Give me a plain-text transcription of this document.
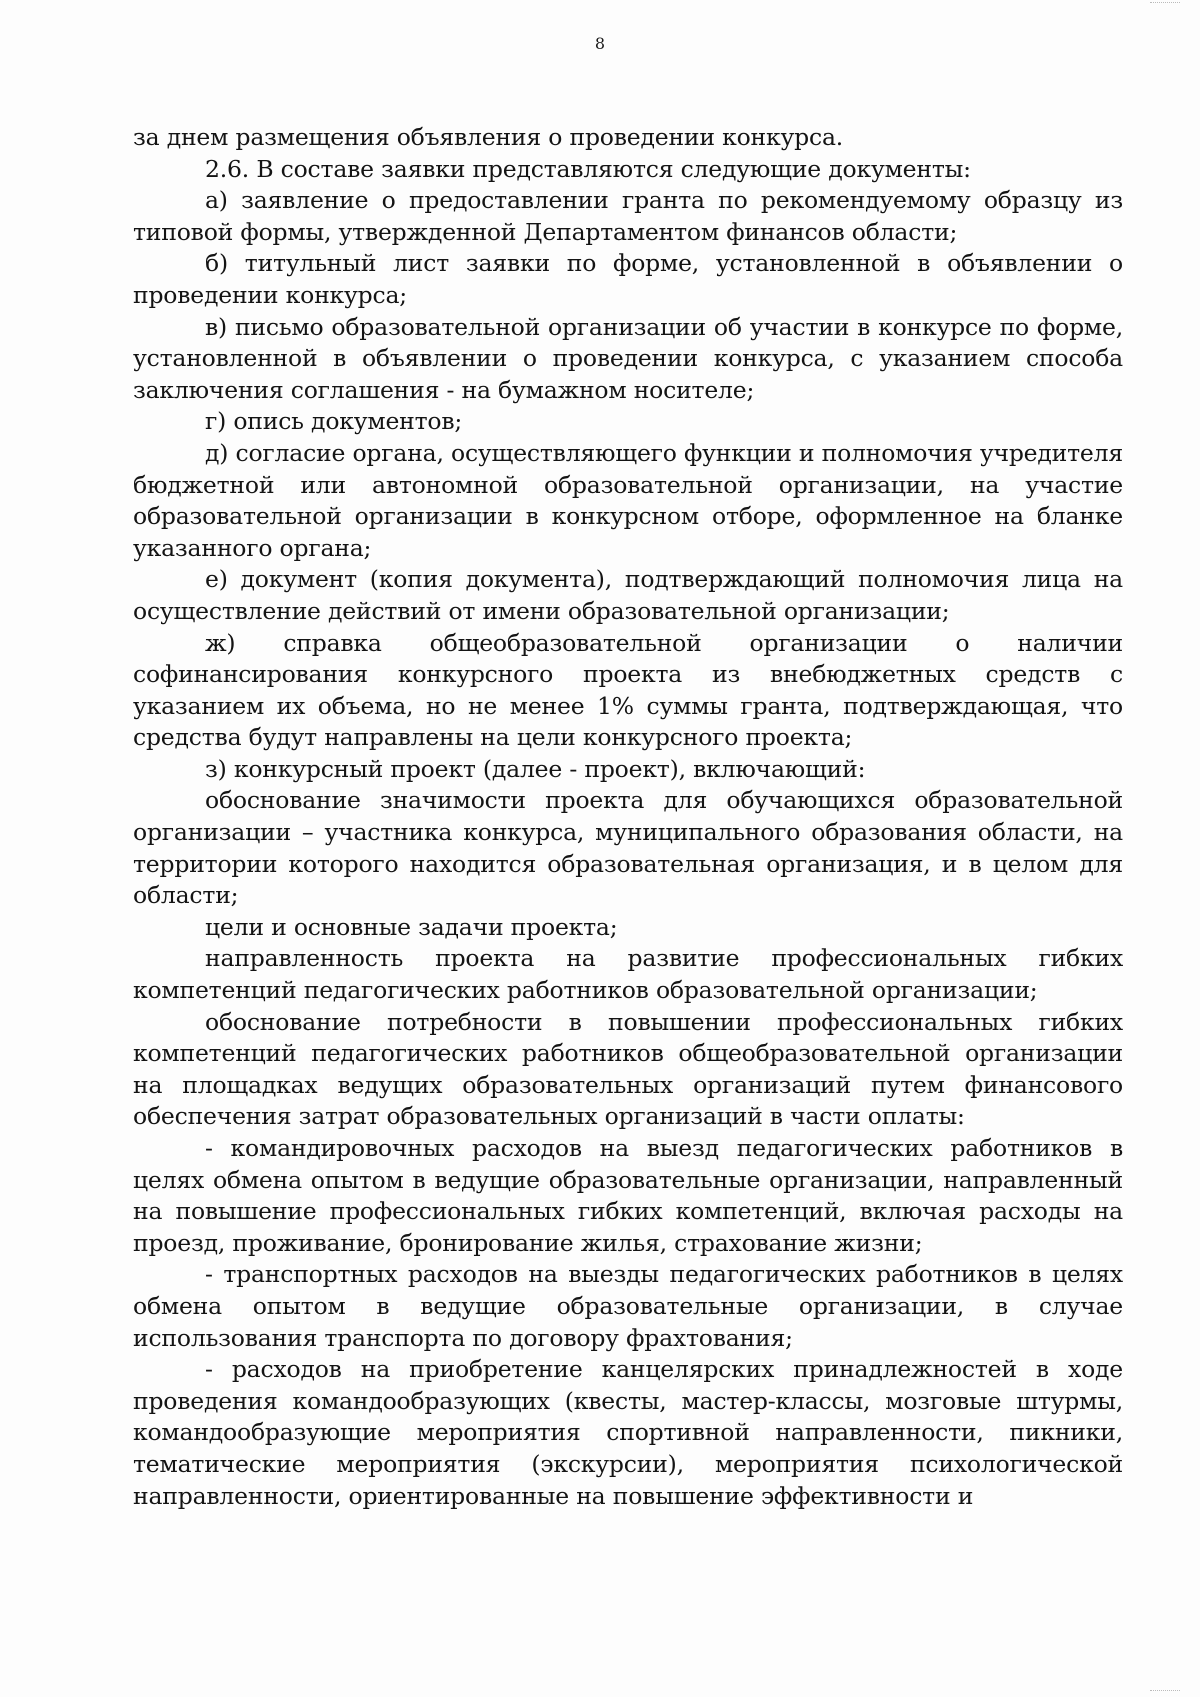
8

за днем размещения объявления о проведении конкурса.

2.6. В составе заявки представляются следующие документы:

а) заявление о предоставлении гранта по рекомендуемому образцу из типовой формы, утвержденной Департаментом финансов области;

б) титульный лист заявки по форме, установленной в объявлении о проведении конкурса;

в) письмо образовательной организации об участии в конкурсе по форме, установленной в объявлении о проведении конкурса, с указанием способа заключения соглашения - на бумажном носителе;

г) опись документов;

д) согласие органа, осуществляющего функции и полномочия учредителя бюджетной или автономной образовательной организации, на участие образовательной организации в конкурсном отборе, оформленное на бланке указанного органа;

е) документ (копия документа), подтверждающий полномочия лица на осуществление действий от имени образовательной организации;

ж) справка общеобразовательной организации о наличии софинансирования конкурсного проекта из внебюджетных средств с указанием их объема, но не менее 1% суммы гранта, подтверждающая, что средства будут направлены на цели конкурсного проекта;

з) конкурсный проект (далее - проект), включающий:

обоснование значимости проекта для обучающихся образовательной организации – участника конкурса, муниципального образования области, на территории которого находится образовательная организация, и в целом для области;

цели и основные задачи проекта;

направленность проекта на развитие профессиональных гибких компетенций педагогических работников образовательной организации;

обоснование потребности в повышении профессиональных гибких компетенций педагогических работников общеобразовательной организации на площадках ведущих образовательных организаций путем финансового обеспечения затрат образовательных организаций в части оплаты:

- командировочных расходов на выезд педагогических работников в целях обмена опытом в ведущие образовательные организации, направленный на повышение профессиональных гибких компетенций, включая расходы на проезд, проживание, бронирование жилья, страхование жизни;

- транспортных расходов на выезды педагогических работников в целях обмена опытом в ведущие образовательные организации, в случае использования транспорта по договору фрахтования;

- расходов на приобретение канцелярских принадлежностей в ходе проведения командообразующих (квесты, мастер-классы, мозговые штурмы, командообразующие мероприятия спортивной направленности, пикники, тематические мероприятия (экскурсии), мероприятия психологической направленности, ориентированные на повышение эффективности и
